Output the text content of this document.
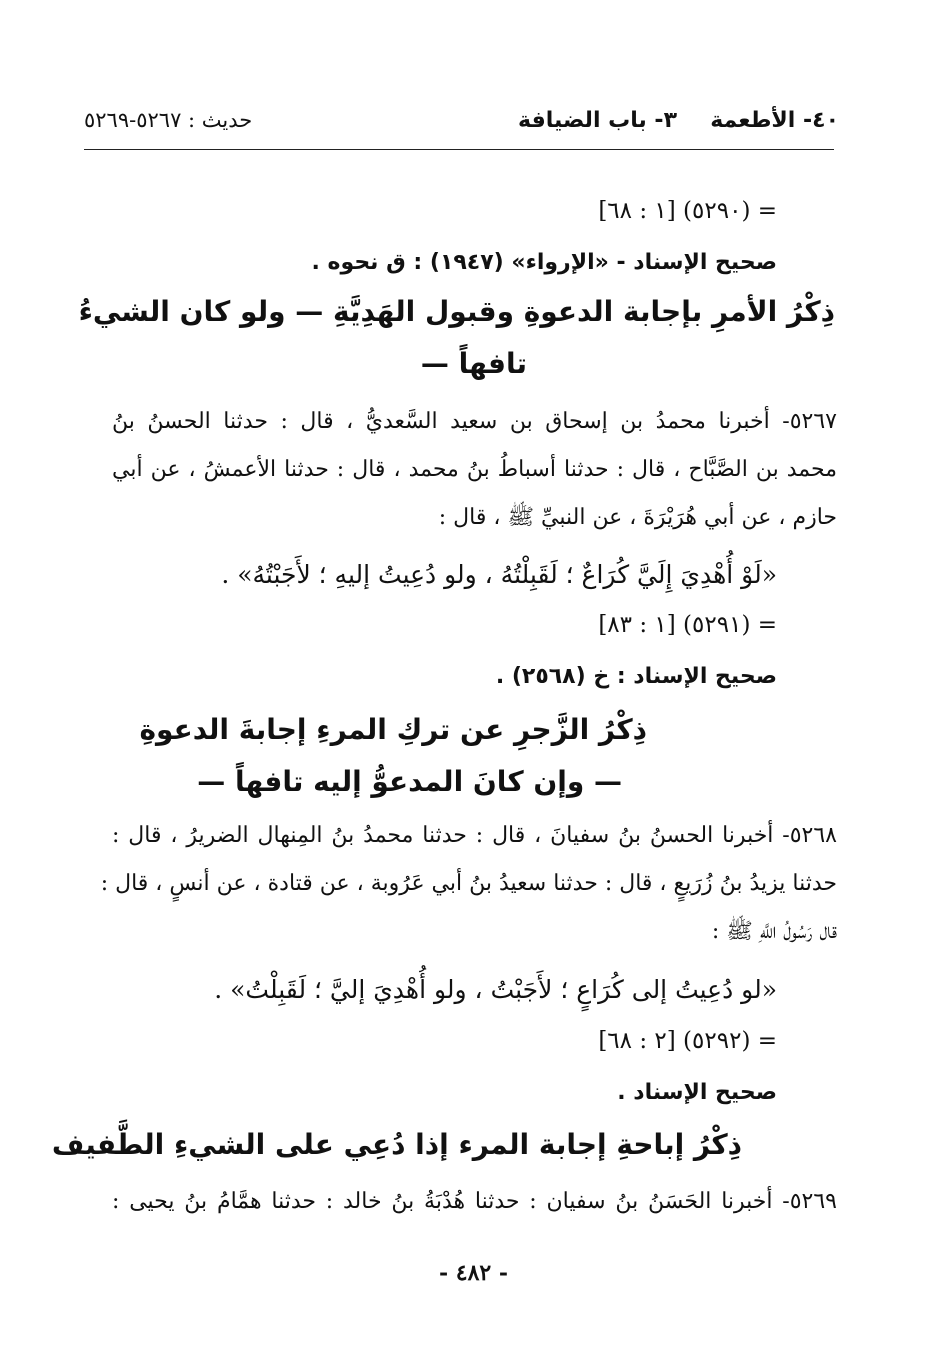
٤٠- الأطعمة
٣- باب الضيافة
حديث : ٥٢٦٧-٥٢٦٩
= (٥٢٩٠) [١ : ٦٨]
صحيح الإسناد - «الإرواء» (١٩٤٧) : ق نحوه .
ذِكْرُ الأمرِ بإجابة الدعوةِ وقبول الهَدِيَّةِ — ولو كان الشيءُ
تافهاً —

٥٢٦٧- أخبرنا محمدُ بن إسحاق بن سعيد السَّعديُّ ، قال : حدثنا الحسنُ بنُ

محمد بن الصَّبَّاح ، قال : حدثنا أسباطُ بنُ محمد ، قال : حدثنا الأعمشُ ، عن أبي

حازم ، عن أبي هُرَيْرَةَ ، عن النبيِّ ﷺ ، قال :

«لَوْ أُهْدِيَ إِلَيَّ كُرَاعٌ ؛ لَقَبِلْتُهُ ، ولو دُعِيتُ إليهِ ؛ لأَجَبْتُهُ» .
= (٥٢٩١) [١ : ٨٣]
صحيح الإسناد : خ (٢٥٦٨) .
ذِكْرُ الزَّجرِ عن تركِ المرءِ إجابةَ الدعوةِ
— وإن كانَ المدعوُّ إليه تافهاً —

٥٢٦٨- أخبرنا الحسنُ بنُ سفيانَ ، قال : حدثنا محمدُ بنُ المِنهال الضريرُ ، قال :

حدثنا يزيدُ بنُ زُرَيعٍ ، قال : حدثنا سعيدُ بنُ أبي عَرُوبة ، عن قتادة ، عن أنسٍ ، قال :

قال رَسُولُ اللَّهِ ﷺ :

«لو دُعِيتُ إلى كُرَاعٍ ؛ لأَجَبْتُ ، ولو أُهْدِيَ إليَّ ؛ لَقَبِلْتُ» .
= (٥٢٩٢) [٢ : ٦٨]
صحيح الإسناد .
ذِكْرُ إباحةِ إجابة المرء إذا دُعِي على الشيءِ الطَّفيف

٥٢٦٩- أخبرنا الحَسَنُ بنُ سفيان : حدثنا هُدْبَةُ بنُ خالد : حدثنا همَّامُ بنُ يحيى :

- ٤٨٢ -
